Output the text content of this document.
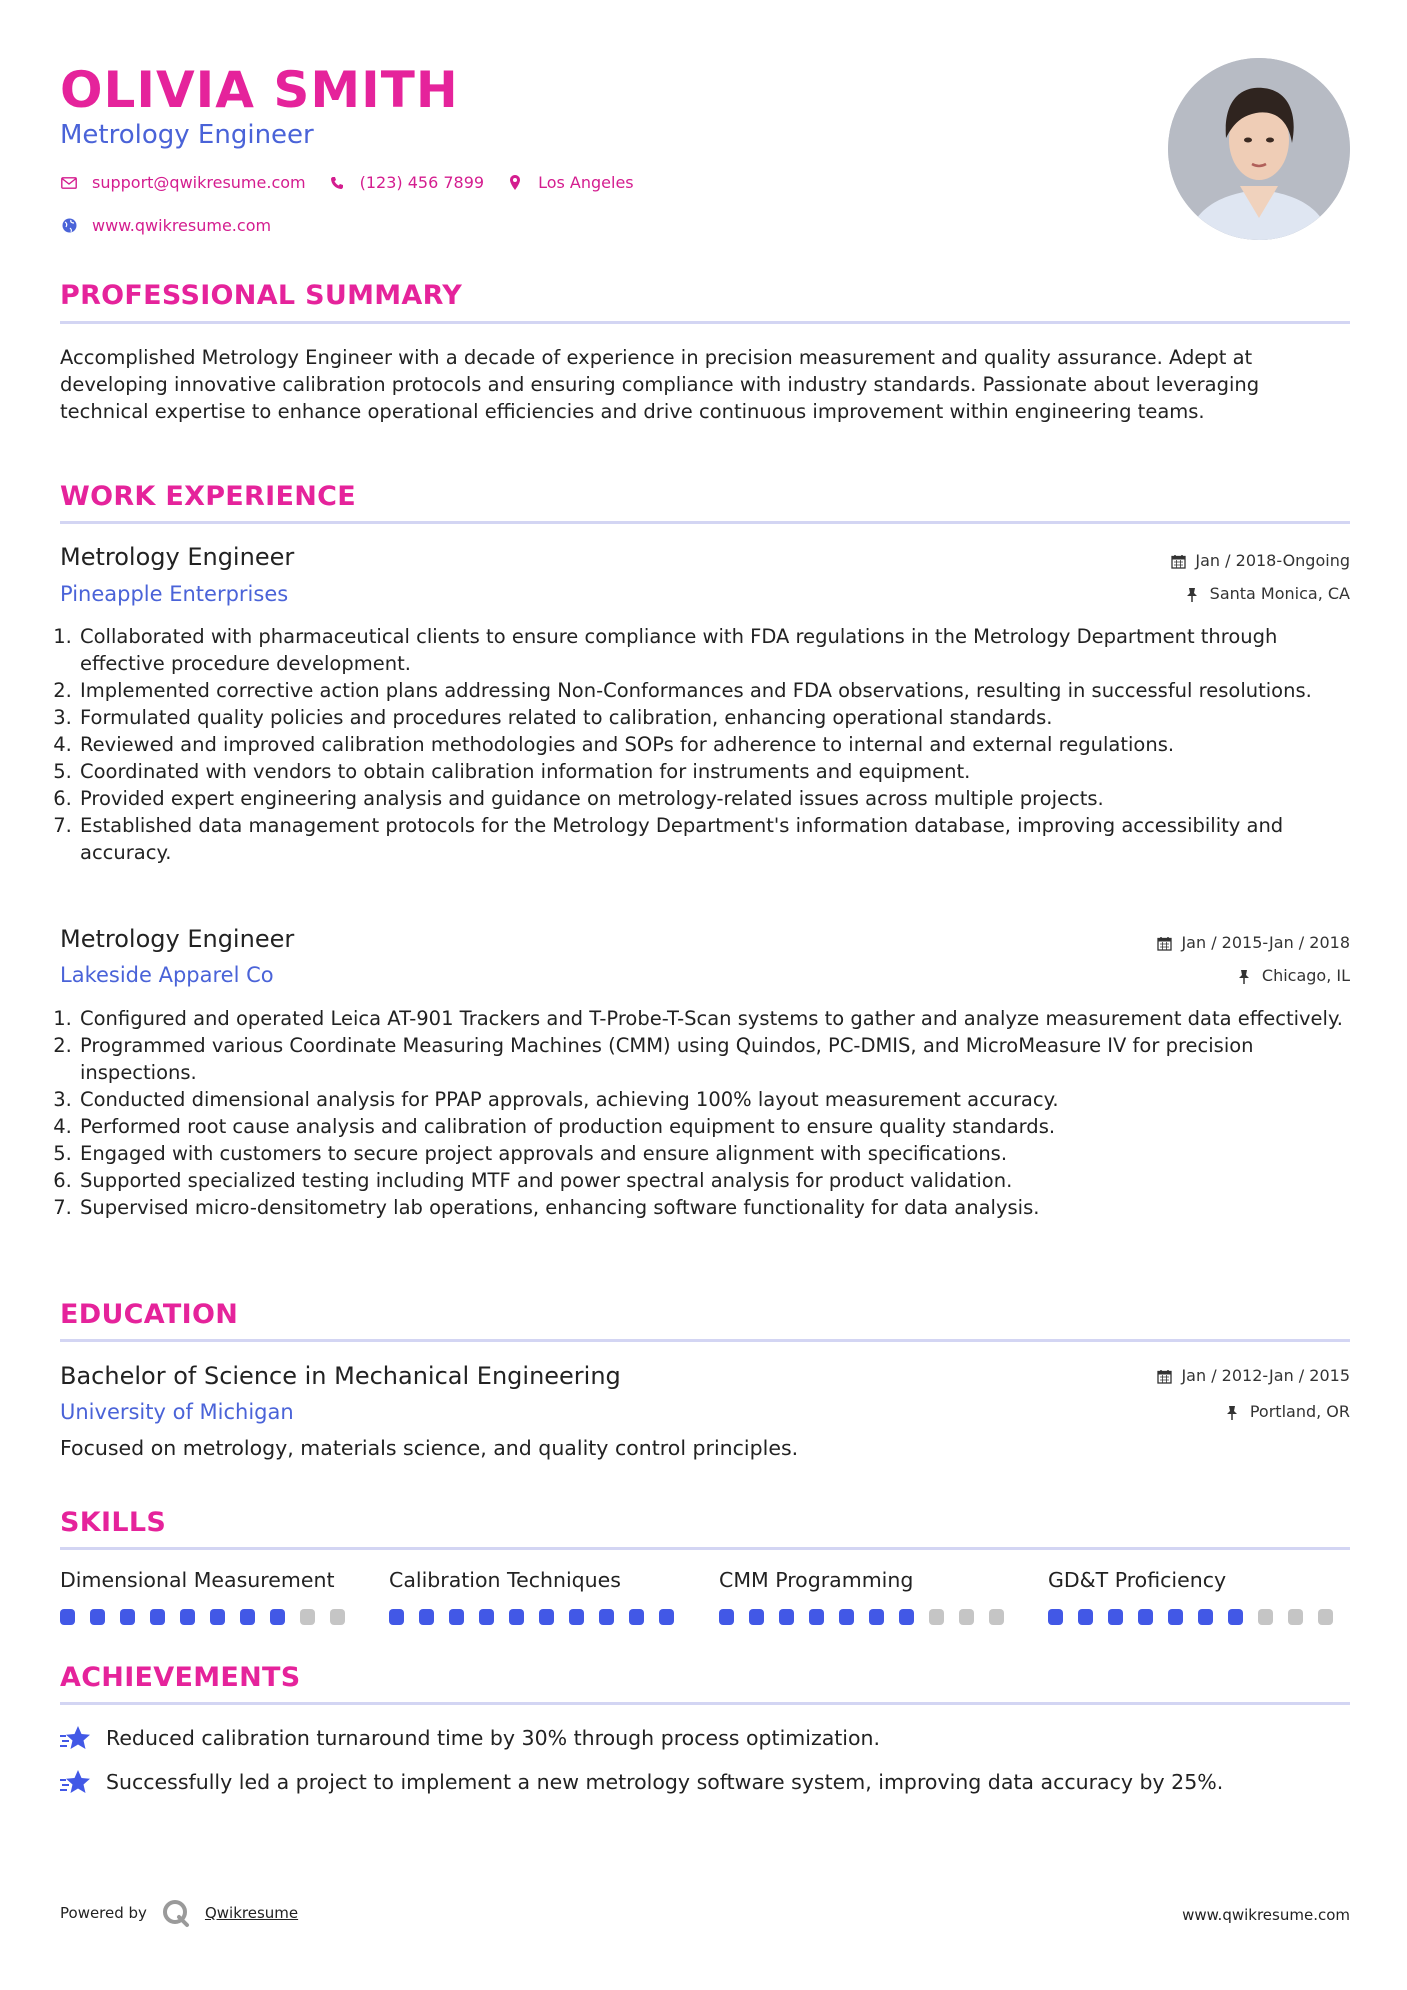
OLIVIA SMITH
Metrology Engineer
support@qwikresume.com	(123) 456 7899	Los Angeles
www.qwikresume.com
PROFESSIONAL SUMMARY
Accomplished Metrology Engineer with a decade of experience in precision measurement and quality assurance. Adept at developing innovative calibration protocols and ensuring compliance with industry standards. Passionate about leveraging technical expertise to enhance operational efficiencies and drive continuous improvement within engineering teams.
WORK EXPERIENCE
Metrology Engineer	Jan / 2018-Ongoing
Pineapple Enterprises	Santa Monica, CA
1. Collaborated with pharmaceutical clients to ensure compliance with FDA regulations in the Metrology Department through effective procedure development.
2. Implemented corrective action plans addressing Non-Conformances and FDA observations, resulting in successful resolutions.
3. Formulated quality policies and procedures related to calibration, enhancing operational standards.
4. Reviewed and improved calibration methodologies and SOPs for adherence to internal and external regulations.
5. Coordinated with vendors to obtain calibration information for instruments and equipment.
6. Provided expert engineering analysis and guidance on metrology-related issues across multiple projects.
7. Established data management protocols for the Metrology Department's information database, improving accessibility and accuracy.
Metrology Engineer	Jan / 2015-Jan / 2018
Lakeside Apparel Co	Chicago, IL
1. Configured and operated Leica AT-901 Trackers and T-Probe-T-Scan systems to gather and analyze measurement data effectively.
2. Programmed various Coordinate Measuring Machines (CMM) using Quindos, PC-DMIS, and MicroMeasure IV for precision inspections.
3. Conducted dimensional analysis for PPAP approvals, achieving 100% layout measurement accuracy.
4. Performed root cause analysis and calibration of production equipment to ensure quality standards.
5. Engaged with customers to secure project approvals and ensure alignment with specifications.
6. Supported specialized testing including MTF and power spectral analysis for product validation.
7. Supervised micro-densitometry lab operations, enhancing software functionality for data analysis.
EDUCATION
Bachelor of Science in Mechanical Engineering	Jan / 2012-Jan / 2015
University of Michigan	Portland, OR
Focused on metrology, materials science, and quality control principles.
SKILLS
Dimensional Measurement	Calibration Techniques	CMM Programming	GD&T Proficiency
ACHIEVEMENTS
Reduced calibration turnaround time by 30% through process optimization.
Successfully led a project to implement a new metrology software system, improving data accuracy by 25%.
Powered by	Qwikresume	www.qwikresume.com
